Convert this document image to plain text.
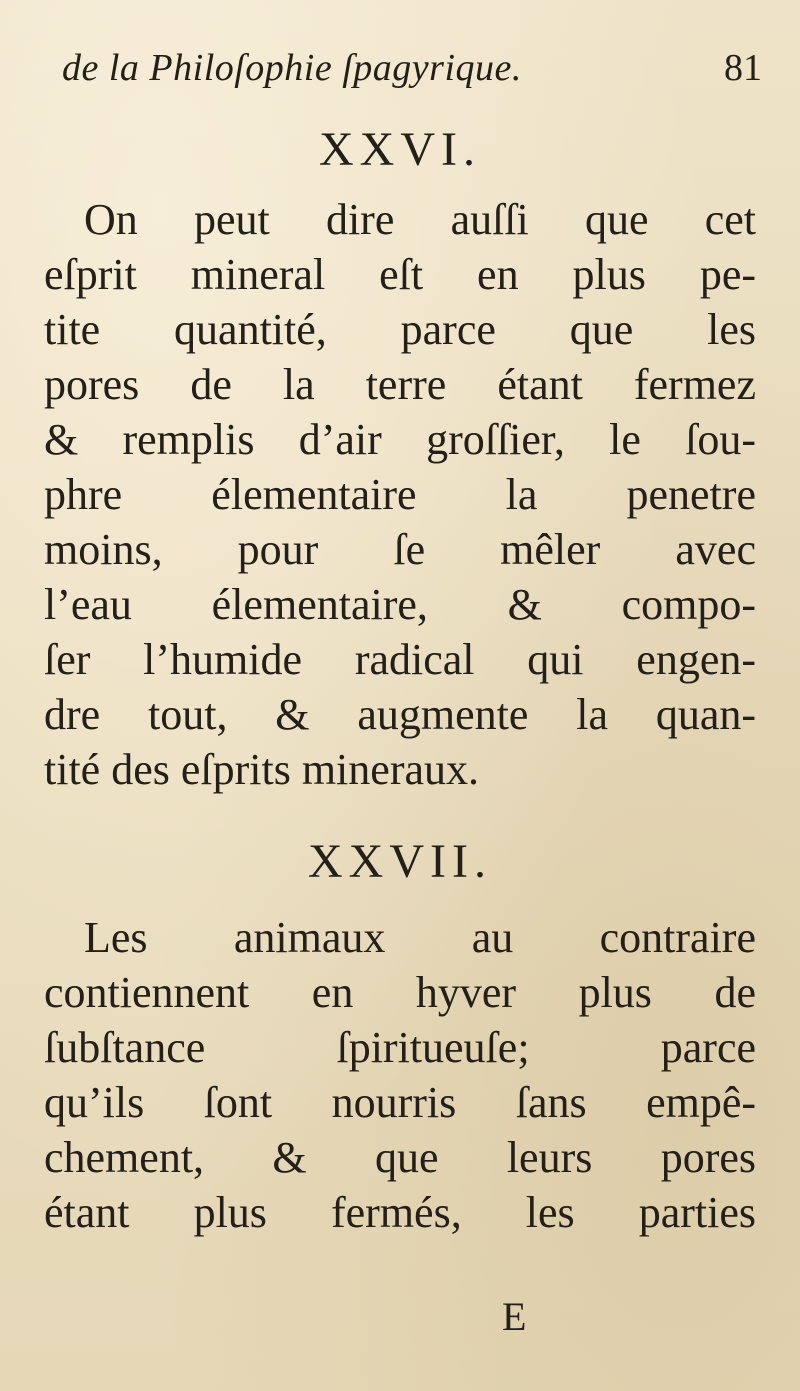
de la Philoſophie ſpagyrique.	81
XXVI.

On peut dire auſſi que cet
eſprit mineral eſt en plus pe-
tite quantité, parce que les
pores de la terre étant fermez
& remplis d’air groſſier, le ſou-
phre élementaire la penetre
moins, pour ſe mêler avec
l’eau élementaire, & compo-
ſer l’humide radical qui engen-
dre tout, & augmente la quan-
tité des eſprits mineraux.

XXVII.

Les animaux au contraire
contiennent en hyver plus de
ſubſtance ſpiritueuſe; parce
qu’ils ſont nourris ſans empê-
chement, & que leurs pores
étant plus fermés, les parties

E
